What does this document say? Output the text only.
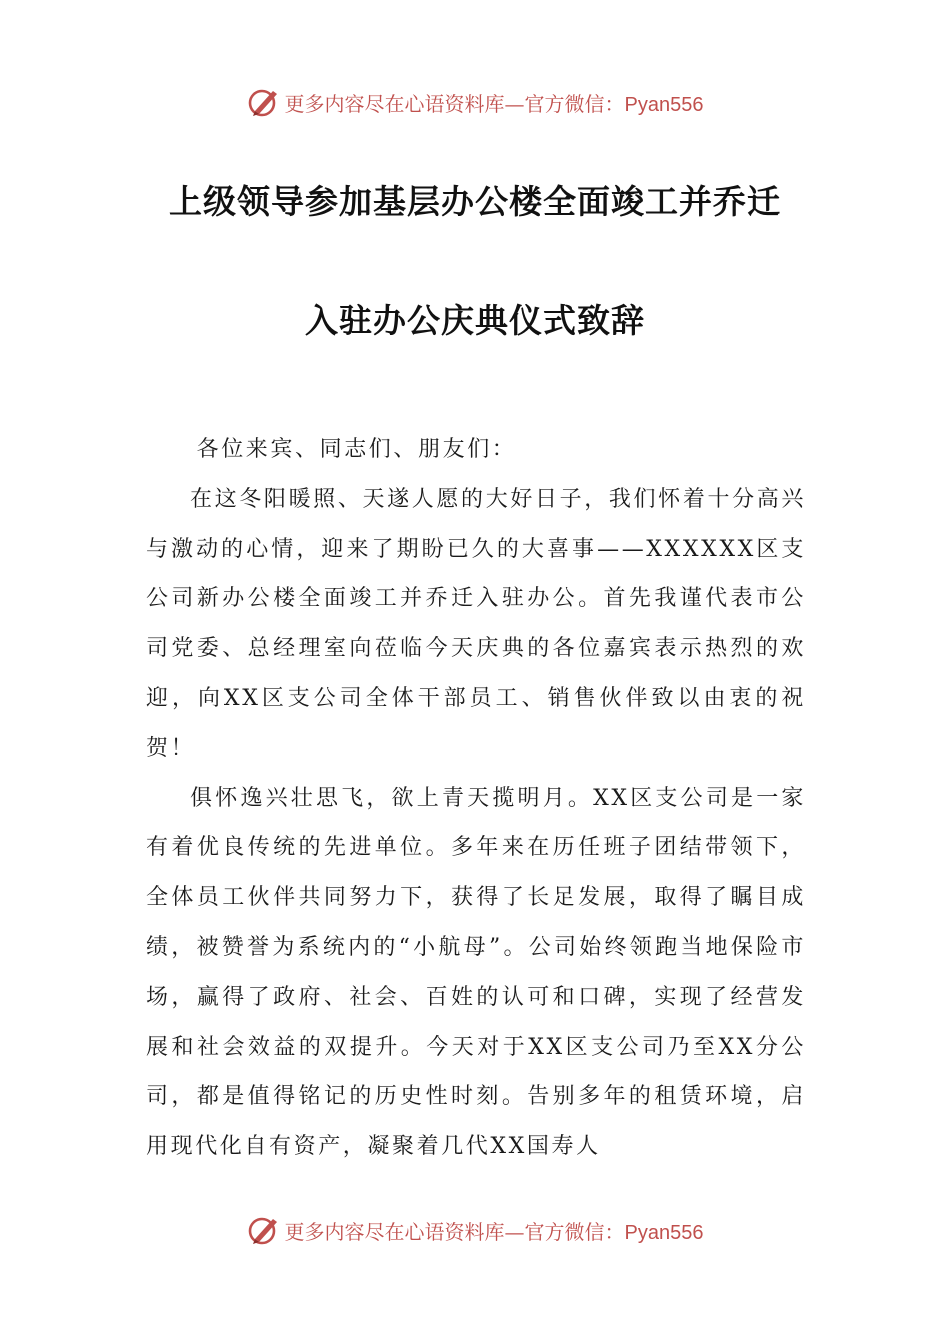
更多内容尽在心语资料库—官方微信：Pyan556
上级领导参加基层办公楼全面竣工并乔迁
入驻办公庆典仪式致辞

各位来宾、同志们、朋友们：

在这冬阳暖照、天遂人愿的大好日子，我们怀着十分高兴与激动的心情，迎来了期盼已久的大喜事——XXXXXX区支公司新办公楼全面竣工并乔迁入驻办公。首先我谨代表市公司党委、总经理室向莅临今天庆典的各位嘉宾表示热烈的欢迎，向XX区支公司全体干部员工、销售伙伴致以由衷的祝贺！

俱怀逸兴壮思飞，欲上青天揽明月。XX区支公司是一家有着优良传统的先进单位。多年来在历任班子团结带领下，全体员工伙伴共同努力下，获得了长足发展，取得了瞩目成绩，被赞誉为系统内的“小航母”。公司始终领跑当地保险市场，赢得了政府、社会、百姓的认可和口碑，实现了经营发展和社会效益的双提升。今天对于XX区支公司乃至XX分公司，都是值得铭记的历史性时刻。告别多年的租赁环境，启用现代化自有资产，凝聚着几代XX国寿人

更多内容尽在心语资料库—官方微信：Pyan556
